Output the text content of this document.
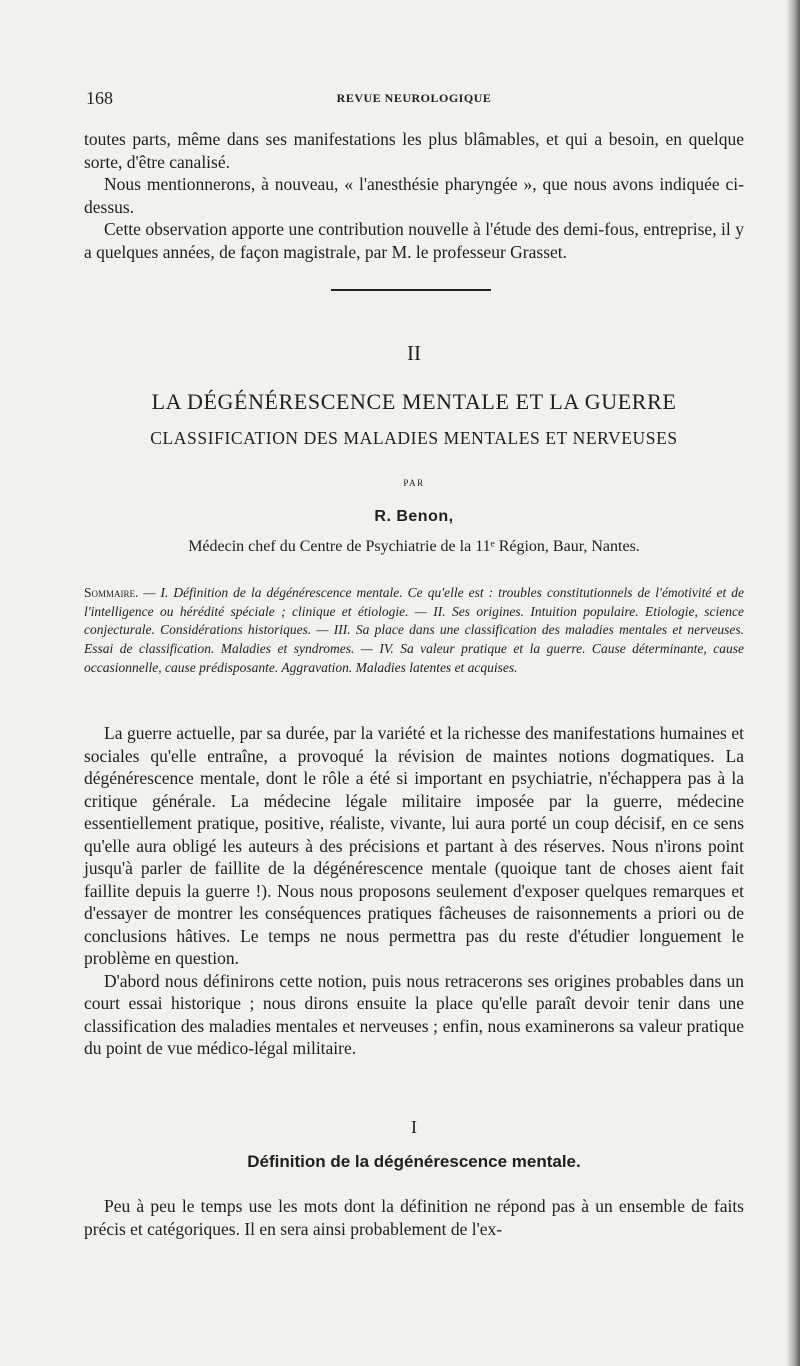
168	REVUE NEUROLOGIQUE

toutes parts, même dans ses manifestations les plus blâmables, et qui a besoin, en quelque sorte, d'être canalisé.

Nous mentionnerons, à nouveau, « l'anesthésie pharyngée », que nous avons indiquée ci-dessus.

Cette observation apporte une contribution nouvelle à l'étude des demi-fous, entreprise, il y a quelques années, de façon magistrale, par M. le professeur Grasset.

II
LA DÉGÉNÉRESCENCE MENTALE ET LA GUERRE
CLASSIFICATION DES MALADIES MENTALES ET NERVEUSES
PAR
R. Benon,
Médecin chef du Centre de Psychiatrie de la 11ᵉ Région, Baur, Nantes.
Sommaire. — I. Définition de la dégénérescence mentale. Ce qu'elle est : troubles constitutionnels de l'émotivité et de l'intelligence ou hérédité spéciale ; clinique et étiologie. — II. Ses origines. Intuition populaire. Etiologie, science conjecturale. Considérations historiques. — III. Sa place dans une classification des maladies mentales et nerveuses. Essai de classification. Maladies et syndromes. — IV. Sa valeur pratique et la guerre. Cause déterminante, cause occasionnelle, cause prédisposante. Aggravation. Maladies latentes et acquises.

La guerre actuelle, par sa durée, par la variété et la richesse des manifestations humaines et sociales qu'elle entraîne, a provoqué la révision de maintes notions dogmatiques. La dégénérescence mentale, dont le rôle a été si important en psychiatrie, n'échappera pas à la critique générale. La médecine légale militaire imposée par la guerre, médecine essentiellement pratique, positive, réaliste, vivante, lui aura porté un coup décisif, en ce sens qu'elle aura obligé les auteurs à des précisions et partant à des réserves. Nous n'irons point jusqu'à parler de faillite de la dégénérescence mentale (quoique tant de choses aient fait faillite depuis la guerre !). Nous nous proposons seulement d'exposer quelques remarques et d'essayer de montrer les conséquences pratiques fâcheuses de raisonnements a priori ou de conclusions hâtives. Le temps ne nous permettra pas du reste d'étudier longuement le problème en question.

D'abord nous définirons cette notion, puis nous retracerons ses origines probables dans un court essai historique ; nous dirons ensuite la place qu'elle paraît devoir tenir dans une classification des maladies mentales et nerveuses ; enfin, nous examinerons sa valeur pratique du point de vue médico-légal militaire.

I
Définition de la dégénérescence mentale.

Peu à peu le temps use les mots dont la définition ne répond pas à un ensemble de faits précis et catégoriques. Il en sera ainsi probablement de l'ex-
